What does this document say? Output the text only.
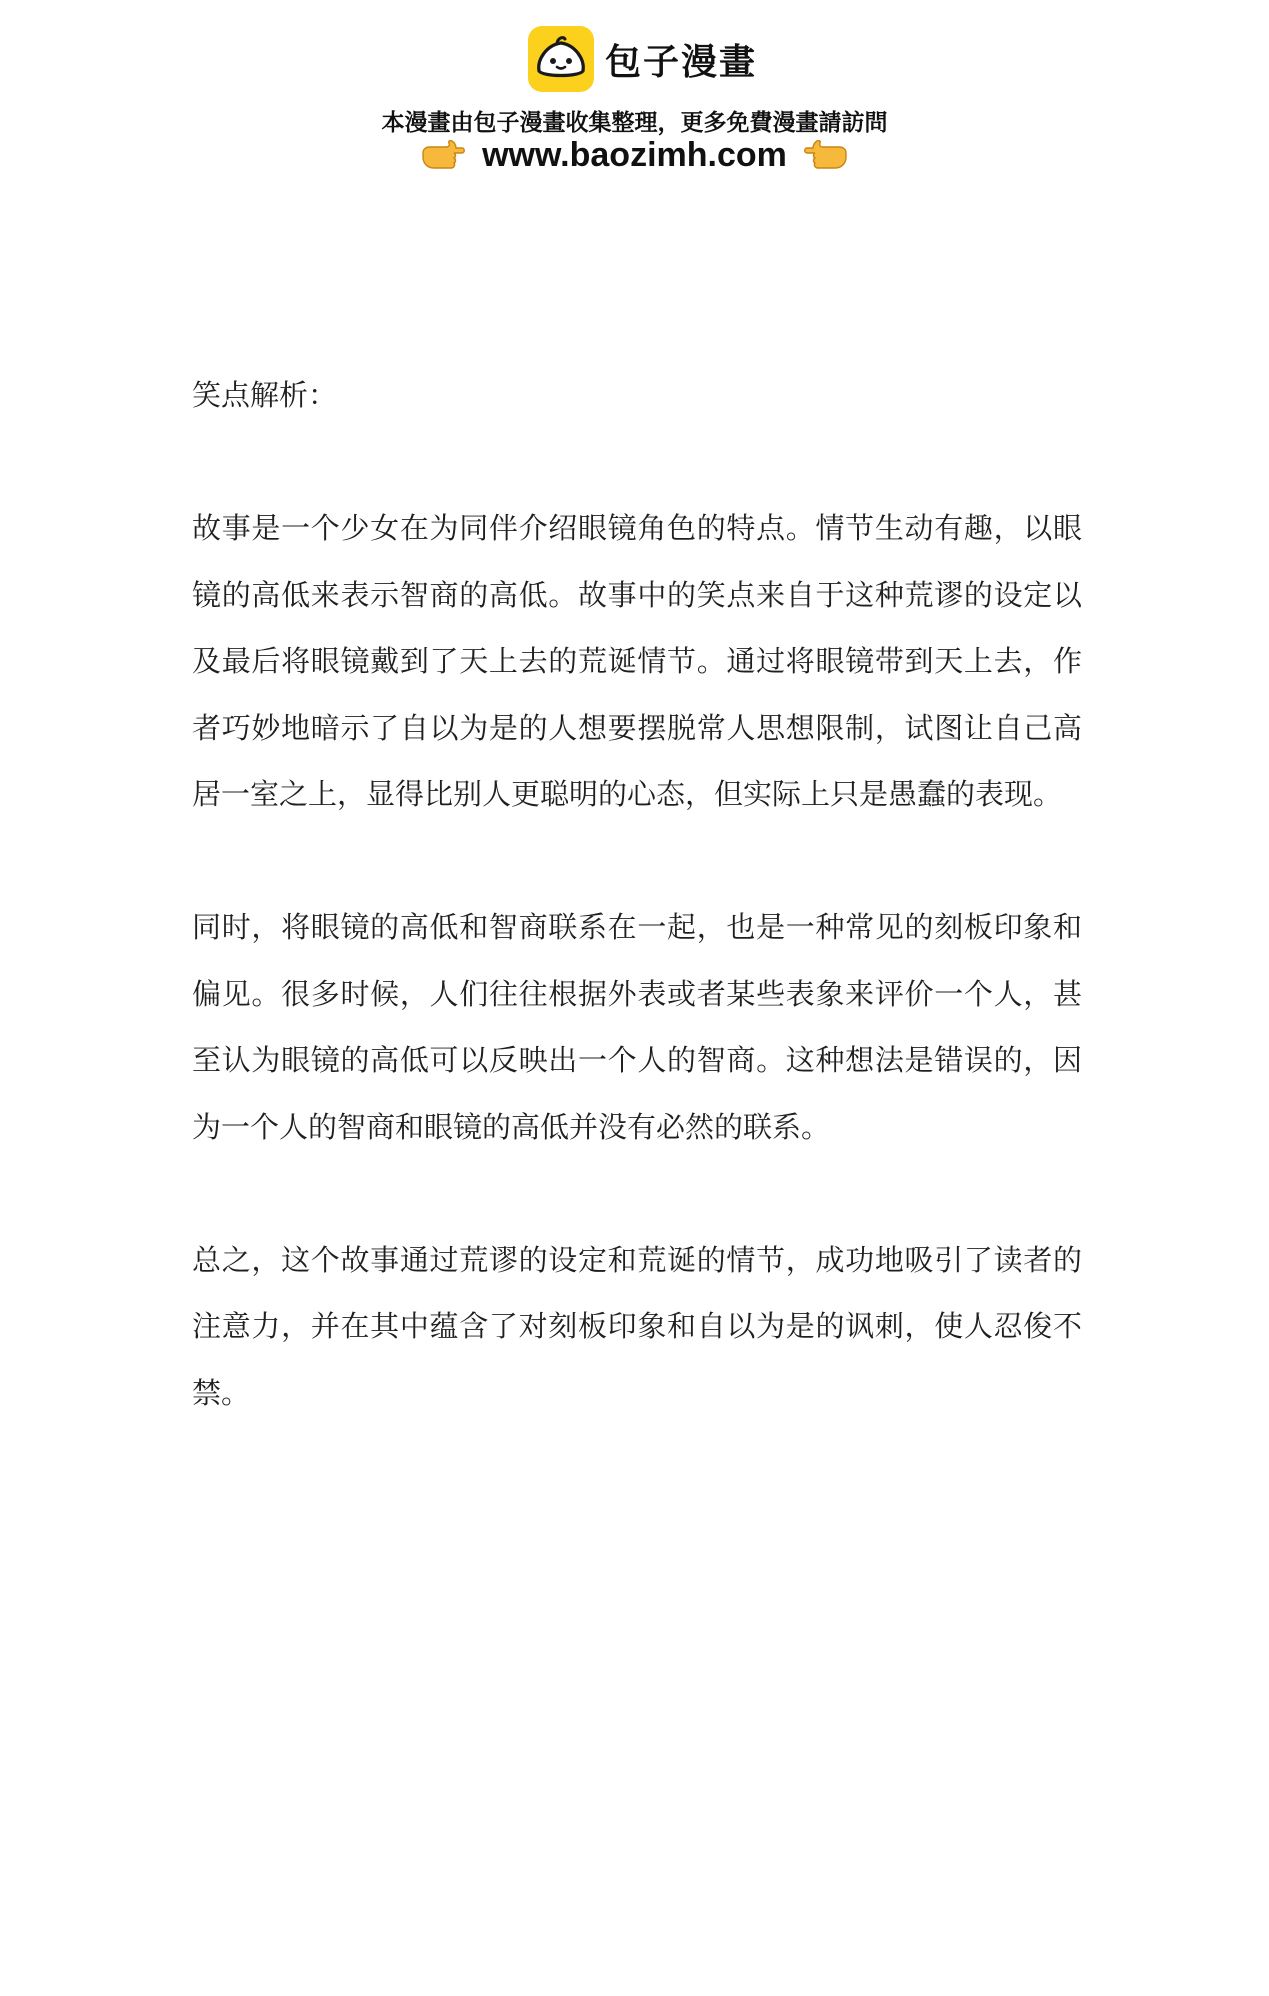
包子漫畫
本漫畫由包子漫畫收集整理，更多免費漫畫請訪問
www.baozimh.com

笑点解析：

故事是一个少女在为同伴介绍眼镜角色的特点。情节生动有趣，以眼
镜的高低来表示智商的高低。故事中的笑点来自于这种荒谬的设定以
及最后将眼镜戴到了天上去的荒诞情节。通过将眼镜带到天上去，作
者巧妙地暗示了自以为是的人想要摆脱常人思想限制，试图让自己高
居一室之上，显得比别人更聪明的心态，但实际上只是愚蠢的表现。

同时，将眼镜的高低和智商联系在一起，也是一种常见的刻板印象和
偏见。很多时候，人们往往根据外表或者某些表象来评价一个人，甚
至认为眼镜的高低可以反映出一个人的智商。这种想法是错误的，因
为一个人的智商和眼镜的高低并没有必然的联系。

总之，这个故事通过荒谬的设定和荒诞的情节，成功地吸引了读者的
注意力，并在其中蕴含了对刻板印象和自以为是的讽刺，使人忍俊不
禁。
